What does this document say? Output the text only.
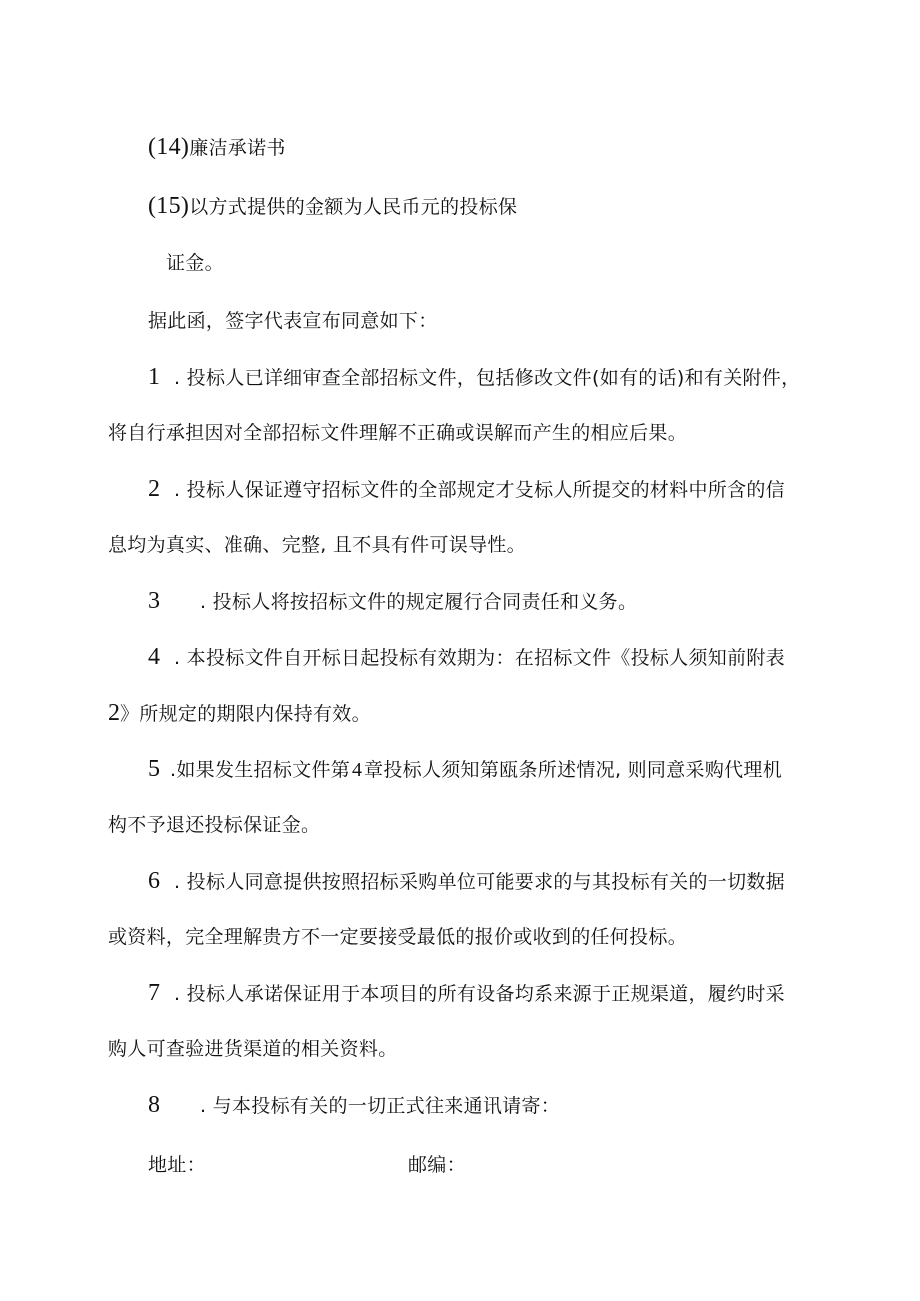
(14)廉洁承诺书
(15)以方式提供的金额为人民币元的投标保
证金。
据此函，签字代表宣布同意如下：
1 . 投标人已详细审查全部招标文件，包括修改文件(如有的话)和有关附件，
将自行承担因对全部招标文件理解不正确或误解而产生的相应后果。
2 . 投标人保证遵守招标文件的全部规定才殳标人所提交的材料中所含的信
息均为真实、准确、完整, 且不具有件可误导性。
3 . 投标人将按招标文件的规定履行合同责任和义务。
4 . 本投标文件自开标日起投标有效期为：在招标文件《投标人须知前附表
2》所规定的期限内保持有效。
5 .如果发生招标文件第 4 章投标人须知第瓯条所述情况, 则同意采购代理机
构不予退还投标保证金。
6 . 投标人同意提供按照招标采购单位可能要求的与其投标有关的一切数据
或资料，完全理解贵方不一定要接受最低的报价或收到的任何投标。
7 . 投标人承诺保证用于本项目的所有设备均系来源于正规渠道，履约时采
购人可查验进货渠道的相关资料。
8 . 与本投标有关的一切正式往来通讯请寄：
地址：	邮编：
